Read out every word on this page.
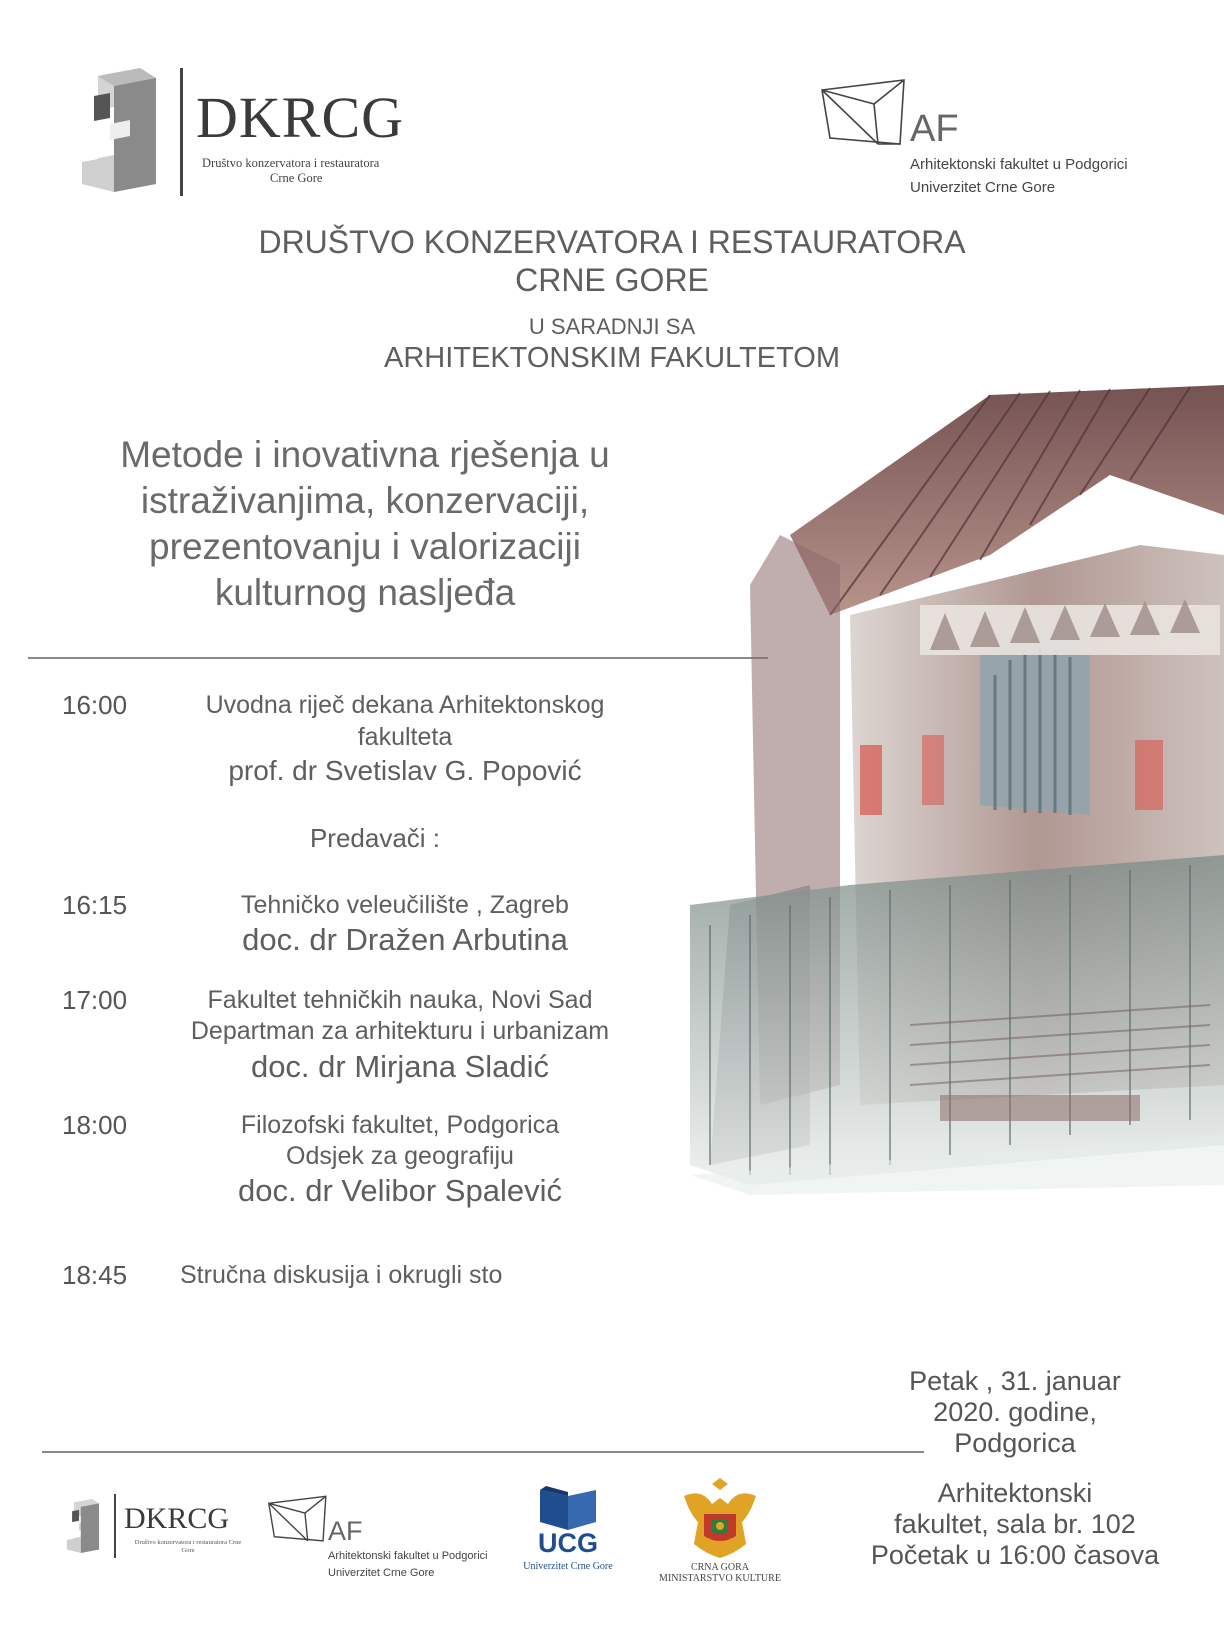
DKRCG
Društvo konzervatora i restauratora
Crne Gore
AF
Arhitektonski fakultet u Podgorici
Univerzitet Crne Gore
DRUŠTVO KONZERVATORA I RESTAURATORA
CRNE GORE
U SARADNJI SA
ARHITEKTONSKIM FAKULTETOM
Metode i inovativna rješenja u
istraživanjima, konzervaciji,
prezentovanju i valorizaciji
kulturnog nasljeđa
16:00	Uvodna riječ dekana Arhitektonskog
fakulteta
prof. dr Svetislav G. Popović
Predavači :
16:15	Tehničko veleučilište , Zagreb
doc. dr Dražen Arbutina
17:00	Fakultet tehničkih nauka, Novi Sad
Departman za arhitekturu i urbanizam
doc. dr Mirjana Sladić
18:00	Filozofski fakultet, Podgorica
Odsjek za geografiju
doc. dr Velibor Spalević
18:45 Stručna diskusija i okrugli sto
Petak , 31. januar
2020. godine,
Podgorica
Arhitektonski
fakultet, sala br. 102
Početak u 16:00 časova
DKRCG
Društvo konzervatora i restauratora Crne Gore
AF
Arhitektonski fakultet u Podgorici
Univerzitet Crne Gore
UCG
Univerzitet Crne Gore	CRNA GORA
MINISTARSTVO KULTURE
